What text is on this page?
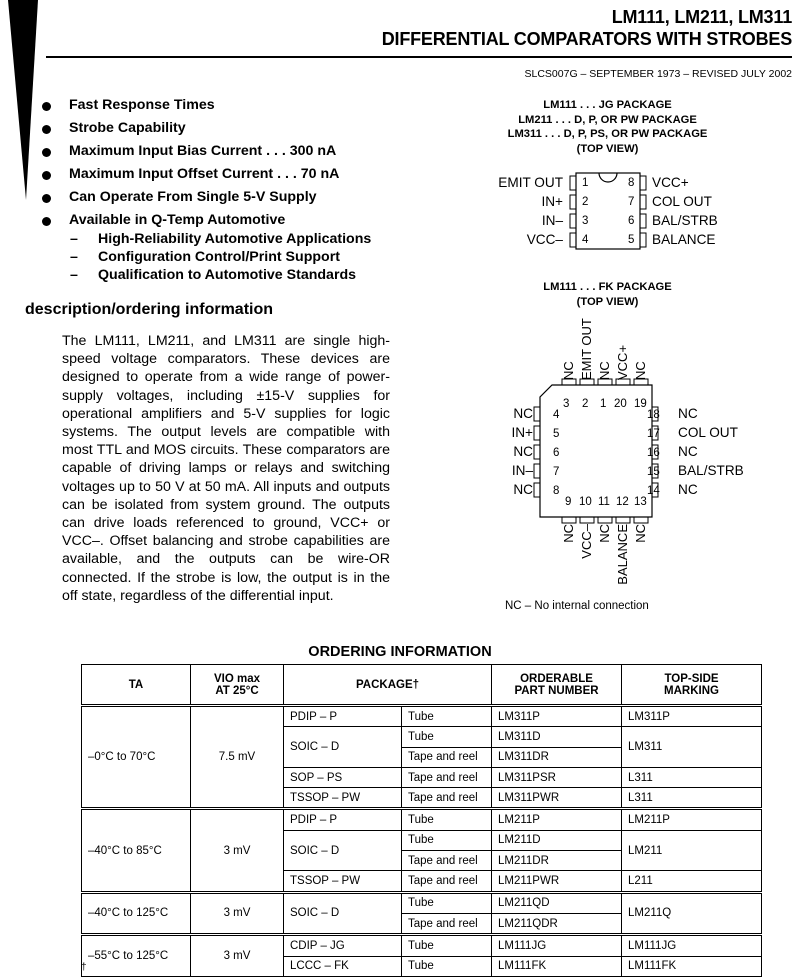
LM111, LM211, LM311
DIFFERENTIAL COMPARATORS WITH STROBES
SLCS007G – SEPTEMBER 1973 – REVISED JULY 2002
Fast Response Times
Strobe Capability
Maximum Input Bias Current . . . 300 nA
Maximum Input Offset Current . . . 70 nA
Can Operate From Single 5-V Supply
Available in Q-Temp Automotive
– High-Reliability Automotive Applications
– Configuration Control/Print Support
– Qualification to Automotive Standards
description/ordering information
The LM111, LM211, and LM311 are single high-speed voltage comparators. These devices are designed to operate from a wide range of power-supply voltages, including ±15-V supplies for operational amplifiers and 5-V supplies for logic systems. The output levels are compatible with most TTL and MOS circuits. These comparators are capable of driving lamps or relays and switching voltages up to 50 V at 50 mA. All inputs and outputs can be isolated from system ground. The outputs can drive loads referenced to ground, VCC+ or VCC–. Offset balancing and strobe capabilities are available, and the outputs can be wire-OR connected. If the strobe is low, the output is in the off state, regardless of the differential input.
LM111 . . . JG PACKAGE
LM211 . . . D, P, OR PW PACKAGE
LM311 . . . D, P, PS, OR PW PACKAGE
(TOP VIEW)
EMIT OUT
IN+
IN–
VCC–
1
2
3
4
8
7
6
5
VCC+
COL OUT
BAL/STRB
BALANCE
LM111 . . . FK PACKAGE
(TOP VIEW)
NC EMIT OUT NC VCC+ NC
3 2 1 20 19
NC
IN+
NC
IN–
NC
4
5
6
7
8
18
17
16
15
14
NC
COL OUT
NC
BAL/STRB
NC
9 10 11 12 13
NC VCC– NC BALANCE NC
NC – No internal connection
ORDERING INFORMATION
TA	VIO max
AT 25°C	PACKAGE†		ORDERABLE
PART NUMBER	TOP-SIDE
MARKING
–0°C to 70°C	7.5 mV	PDIP – P	Tube	LM311P	LM311P
		SOIC – D	Tube	LM311D	LM311
			Tape and reel	LM311DR	
		SOP – PS	Tape and reel	LM311PSR	L311
		TSSOP – PW	Tape and reel	LM311PWR	L311
–40°C to 85°C	3 mV	PDIP – P	Tube	LM211P	LM211P
		SOIC – D	Tube	LM211D	LM211
			Tape and reel	LM211DR	
		TSSOP – PW	Tape and reel	LM211PWR	L211
–40°C to 125°C	3 mV	SOIC – D	Tube	LM211QD	LM211Q
			Tape and reel	LM211QDR	
–55°C to 125°C	3 mV	CDIP – JG	Tube	LM111JG	LM111JG
		LCCC – FK	Tube	LM111FK	LM111FK
†
